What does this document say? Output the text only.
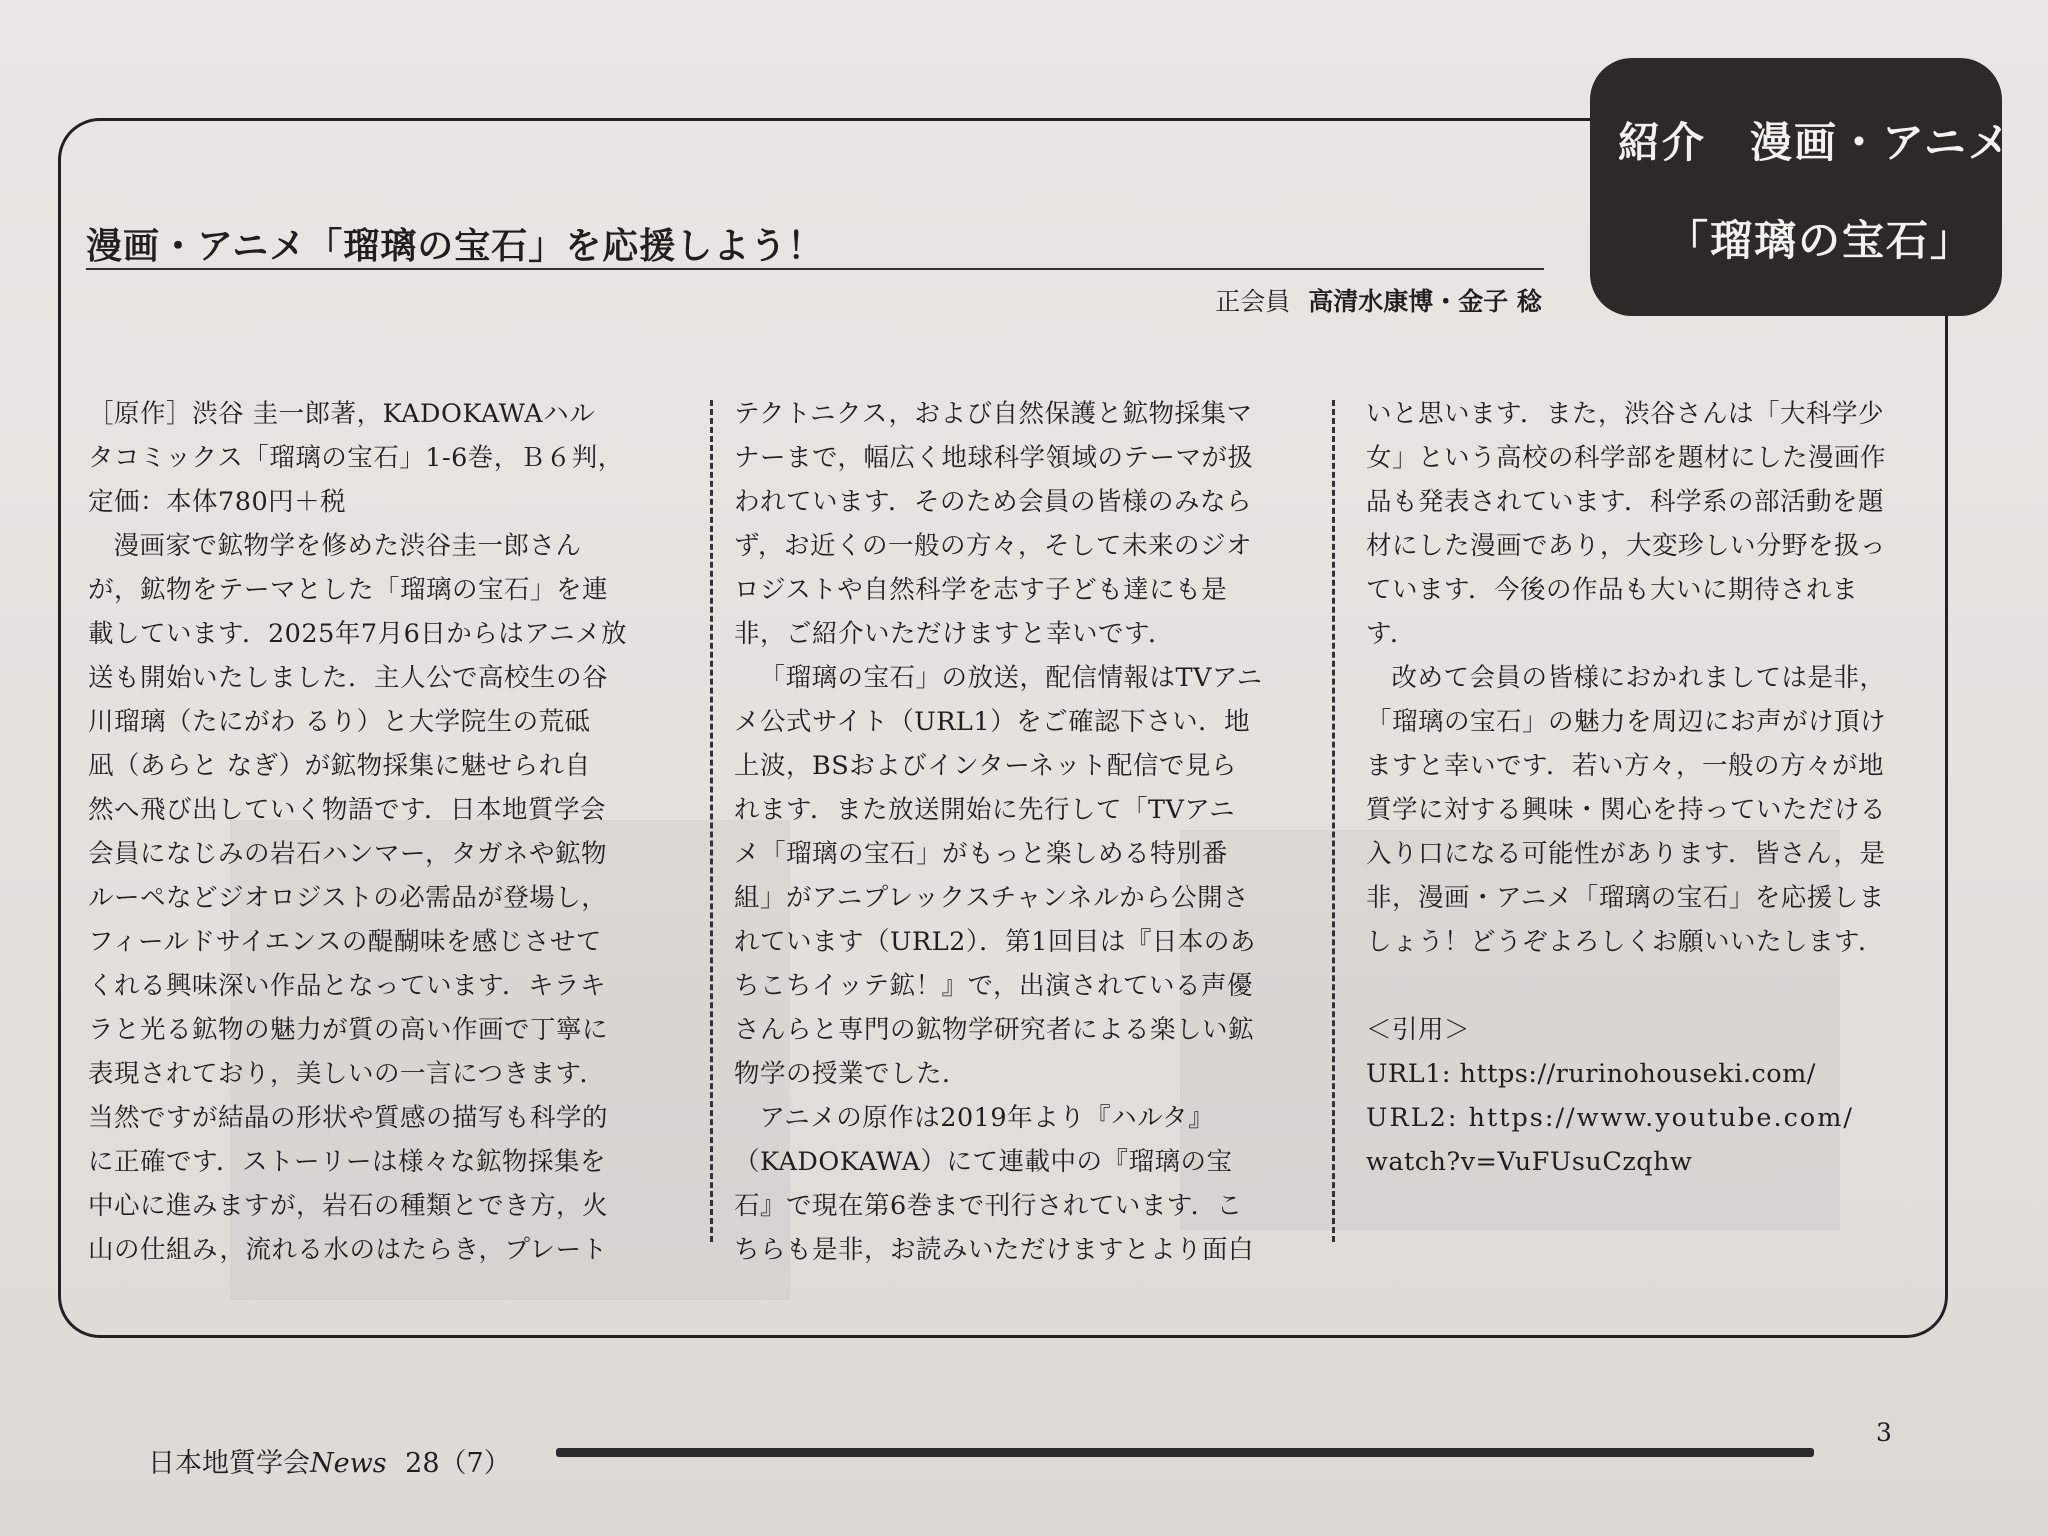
紹介　漫画・アニメ
「瑠璃の宝石」
漫画・アニメ「瑠璃の宝石」を応援しよう！
正会員 高清水康博・金子 稔

［原作］渋谷 圭一郎著，KADOKAWAハル
タコミックス「瑠璃の宝石」1-6巻，Ｂ６判，
定価：本体780円＋税

漫画家で鉱物学を修めた渋谷圭一郎さん
が，鉱物をテーマとした「瑠璃の宝石」を連
載しています．2025年7月6日からはアニメ放
送も開始いたしました．主人公で高校生の谷
川瑠璃（たにがわ るり）と大学院生の荒砥
凪（あらと なぎ）が鉱物採集に魅せられ自
然へ飛び出していく物語です．日本地質学会
会員になじみの岩石ハンマー，タガネや鉱物
ルーペなどジオロジストの必需品が登場し，
フィールドサイエンスの醍醐味を感じさせて
くれる興味深い作品となっています．キラキ
ラと光る鉱物の魅力が質の高い作画で丁寧に
表現されており，美しいの一言につきます．
当然ですが結晶の形状や質感の描写も科学的
に正確です．ストーリーは様々な鉱物採集を
中心に進みますが，岩石の種類とでき方，火
山の仕組み，流れる水のはたらき，プレート

テクトニクス，および自然保護と鉱物採集マ
ナーまで，幅広く地球科学領域のテーマが扱
われています．そのため会員の皆様のみなら
ず，お近くの一般の方々，そして未来のジオ
ロジストや自然科学を志す子ども達にも是
非，ご紹介いただけますと幸いです．

「瑠璃の宝石」の放送，配信情報はTVアニ
メ公式サイト（URL1）をご確認下さい．地
上波，BSおよびインターネット配信で見ら
れます．また放送開始に先行して「TVアニ
メ「瑠璃の宝石」がもっと楽しめる特別番
組」がアニプレックスチャンネルから公開さ
れています（URL2）．第1回目は『日本のあ
ちこちイッテ鉱！』で，出演されている声優
さんらと専門の鉱物学研究者による楽しい鉱
物学の授業でした．

アニメの原作は2019年より『ハルタ』
（KADOKAWA）にて連載中の『瑠璃の宝
石』で現在第6巻まで刊行されています．こ
ちらも是非，お読みいただけますとより面白

いと思います．また，渋谷さんは「大科学少
女」という高校の科学部を題材にした漫画作
品も発表されています．科学系の部活動を題
材にした漫画であり，大変珍しい分野を扱っ
ています．今後の作品も大いに期待されま
す．

改めて会員の皆様におかれましては是非，
「瑠璃の宝石」の魅力を周辺にお声がけ頂け
ますと幸いです．若い方々，一般の方々が地
質学に対する興味・関心を持っていただける
入り口になる可能性があります．皆さん，是
非，漫画・アニメ「瑠璃の宝石」を応援しま
しょう！どうぞよろしくお願いいたします．

＜引用＞

URL1: https://rurinohouseki.com/

URL2: https://www.youtube.com/

watch?v=VuFUsuCzqhw

日本地質学会News 28（7）
3
